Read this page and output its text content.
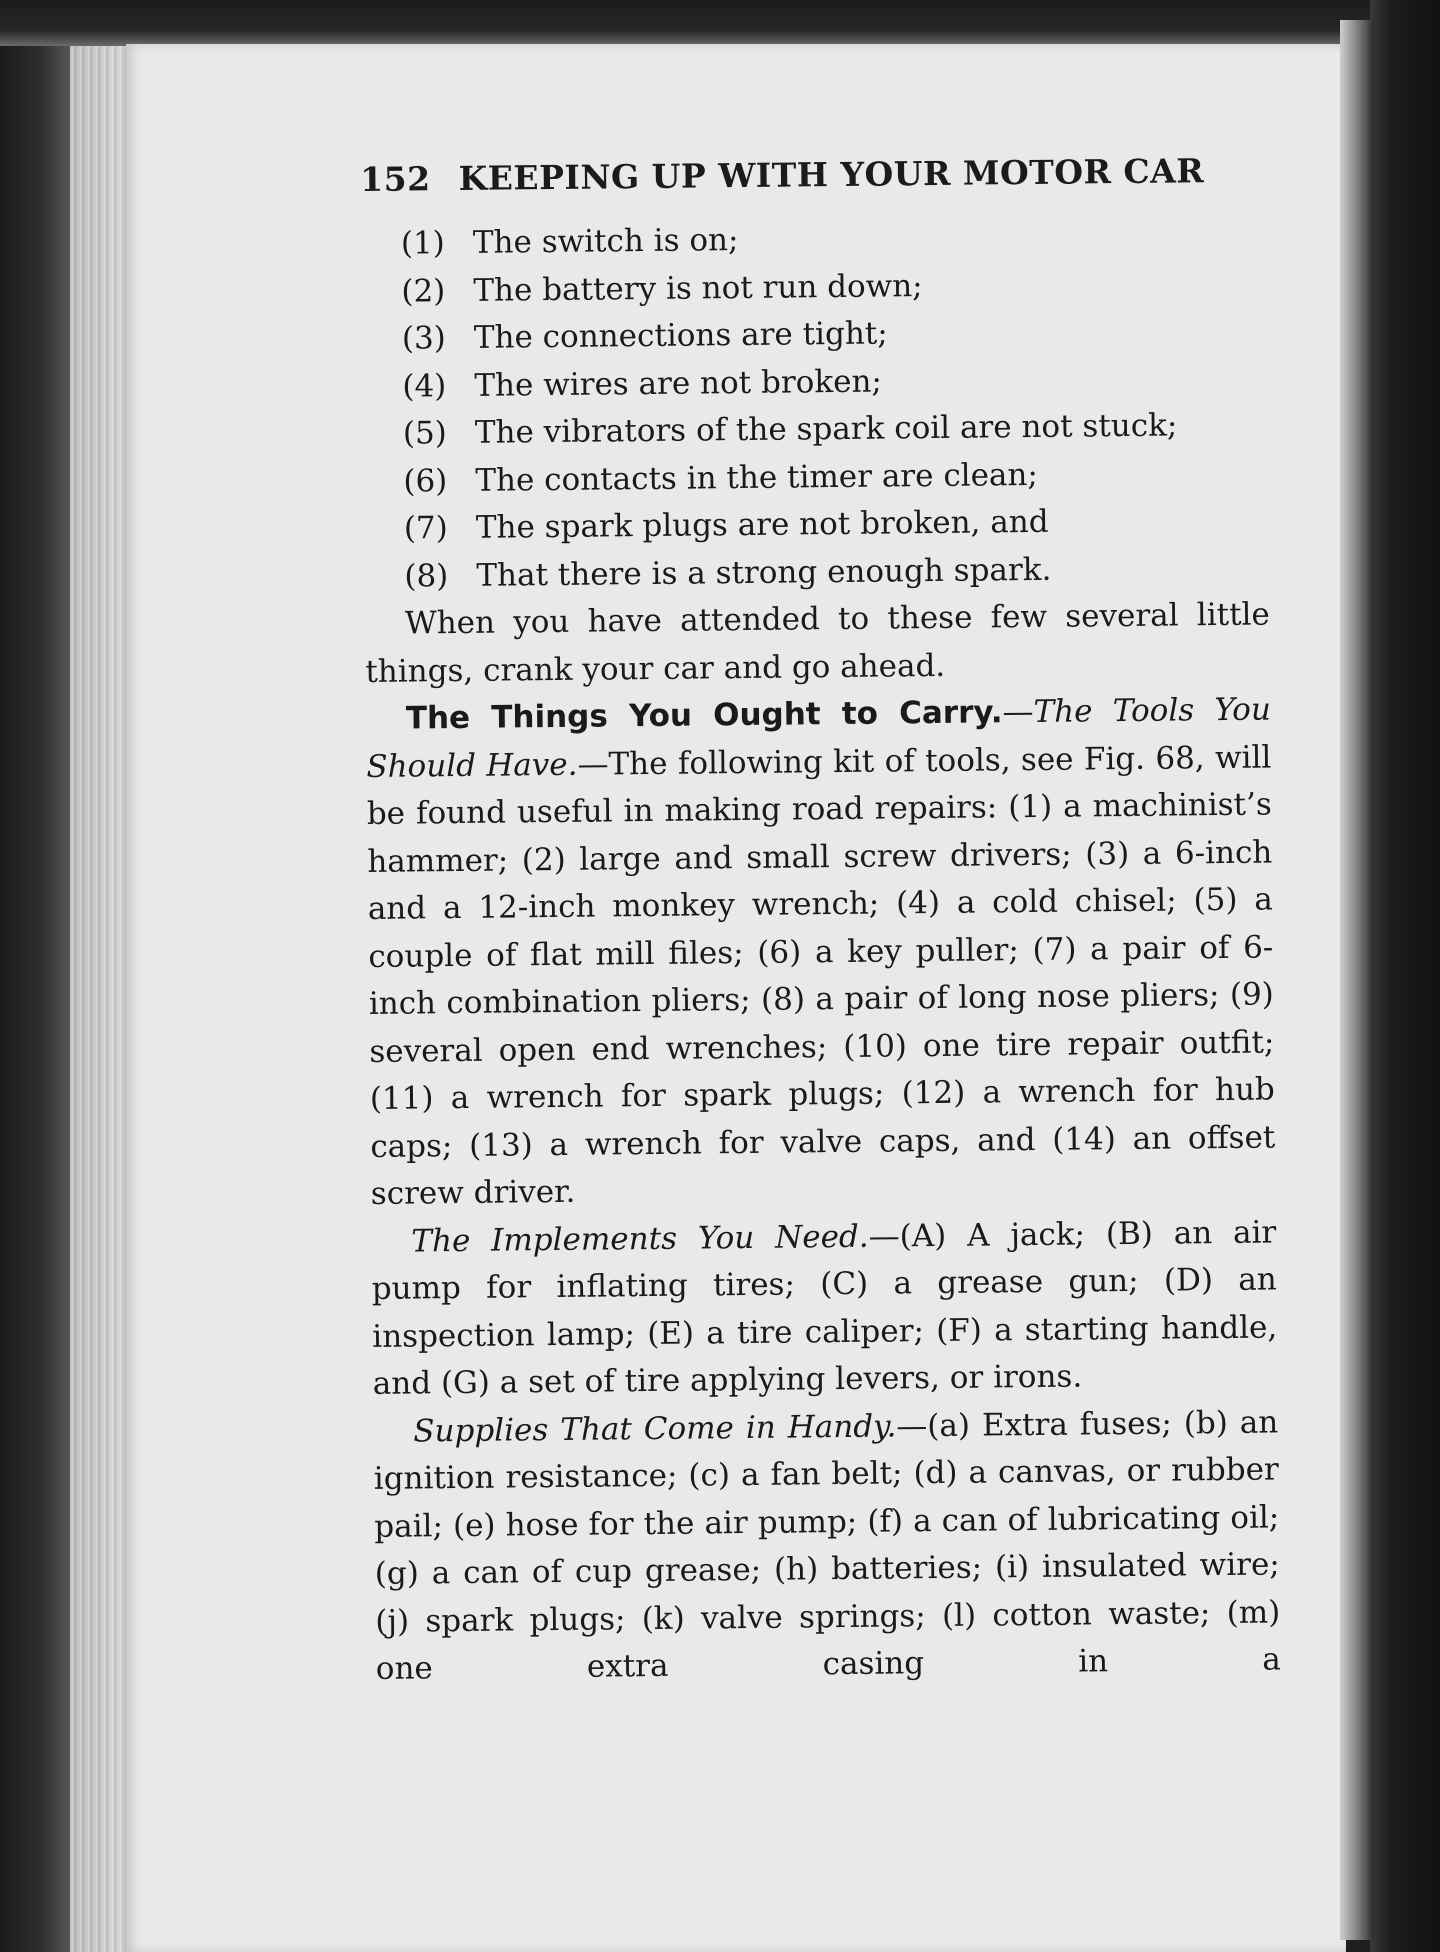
152 KEEPING UP WITH YOUR MOTOR CAR
(1) The switch is on;
(2) The battery is not run down;
(3) The connections are tight;
(4) The wires are not broken;
(5) The vibrators of the spark coil are not stuck;
(6) The contacts in the timer are clean;
(7) The spark plugs are not broken, and
(8) That there is a strong enough spark.

When you have attended to these few several little things, crank your car and go ahead.

The Things You Ought to Carry.—The Tools You Should Have.—The following kit of tools, see Fig. 68, will be found useful in making road repairs: (1) a machinist’s hammer; (2) large and small screw drivers; (3) a 6-inch and a 12-inch monkey wrench; (4) a cold chisel; (5) a couple of flat mill files; (6) a key puller; (7) a pair of 6-inch combination pliers; (8) a pair of long nose pliers; (9) several open end wrenches; (10) one tire repair outfit; (11) a wrench for spark plugs; (12) a wrench for hub caps; (13) a wrench for valve caps, and (14) an offset screw driver.

The Implements You Need.—(A) A jack; (B) an air pump for inflating tires; (C) a grease gun; (D) an inspection lamp; (E) a tire caliper; (F) a starting handle, and (G) a set of tire applying levers, or irons.

Supplies That Come in Handy.—(a) Extra fuses; (b) an ignition resistance; (c) a fan belt; (d) a canvas, or rubber pail; (e) hose for the air pump; (f) a can of lubricating oil; (g) a can of cup grease; (h) batteries; (i) insulated wire; (j) spark plugs; (k) valve springs; (l) cotton waste; (m) one extra casing in a
